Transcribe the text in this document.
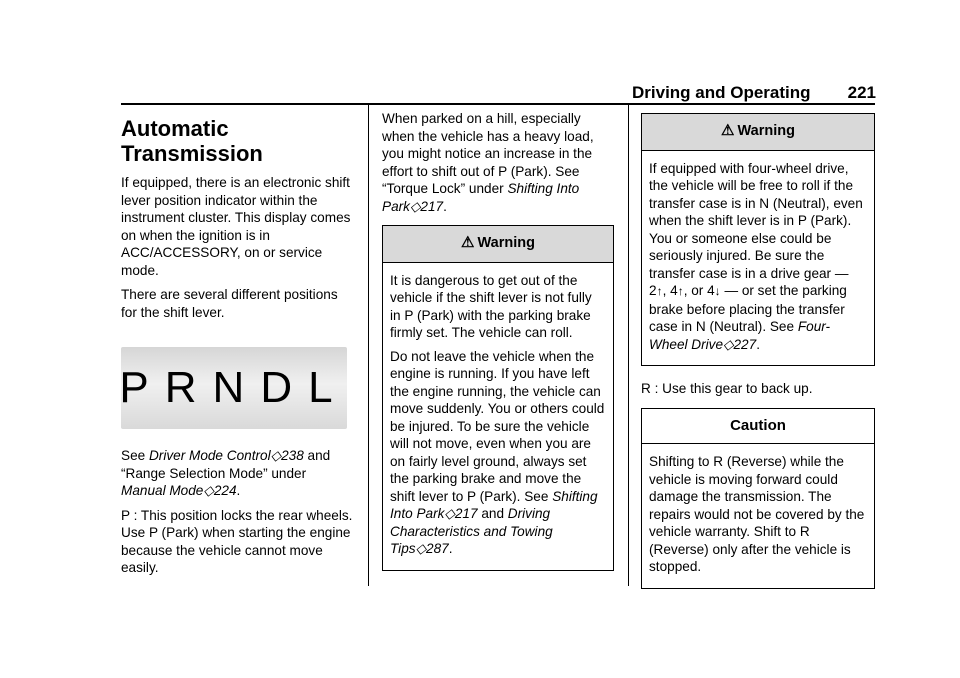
Driving and Operating 221
Automatic
Transmission

If equipped, there is an electronic shift lever position indicator within the instrument cluster. This display comes on when the ignition is in ACC/ACCESSORY, on or service mode.

There are several different positions for the shift lever.

PRNDL

See Driver Mode Control◇238 and “Range Selection Mode” under Manual Mode◇224.

P : This position locks the rear wheels. Use P (Park) when starting the engine because the vehicle cannot move easily.

When parked on a hill, especially when the vehicle has a heavy load, you might notice an increase in the effort to shift out of P (Park). See “Torque Lock” under Shifting Into Park◇217.

⚠ Warning

It is dangerous to get out of the vehicle if the shift lever is not fully in P (Park) with the parking brake firmly set. The vehicle can roll.

Do not leave the vehicle when the engine is running. If you have left the engine running, the vehicle can move suddenly. You or others could be injured. To be sure the vehicle will not move, even when you are on fairly level ground, always set the parking brake and move the shift lever to P (Park). See Shifting Into Park◇217 and Driving Characteristics and Towing Tips◇287.

⚠ Warning

If equipped with four-wheel drive, the vehicle will be free to roll if the transfer case is in N (Neutral), even when the shift lever is in P (Park). You or someone else could be seriously injured. Be sure the transfer case is in a drive gear — 2↑, 4↑, or 4↓ — or set the parking brake before placing the transfer case in N (Neutral). See Four-Wheel Drive◇227.

R : Use this gear to back up.

Caution

Shifting to R (Reverse) while the vehicle is moving forward could damage the transmission. The repairs would not be covered by the vehicle warranty. Shift to R (Reverse) only after the vehicle is stopped.
